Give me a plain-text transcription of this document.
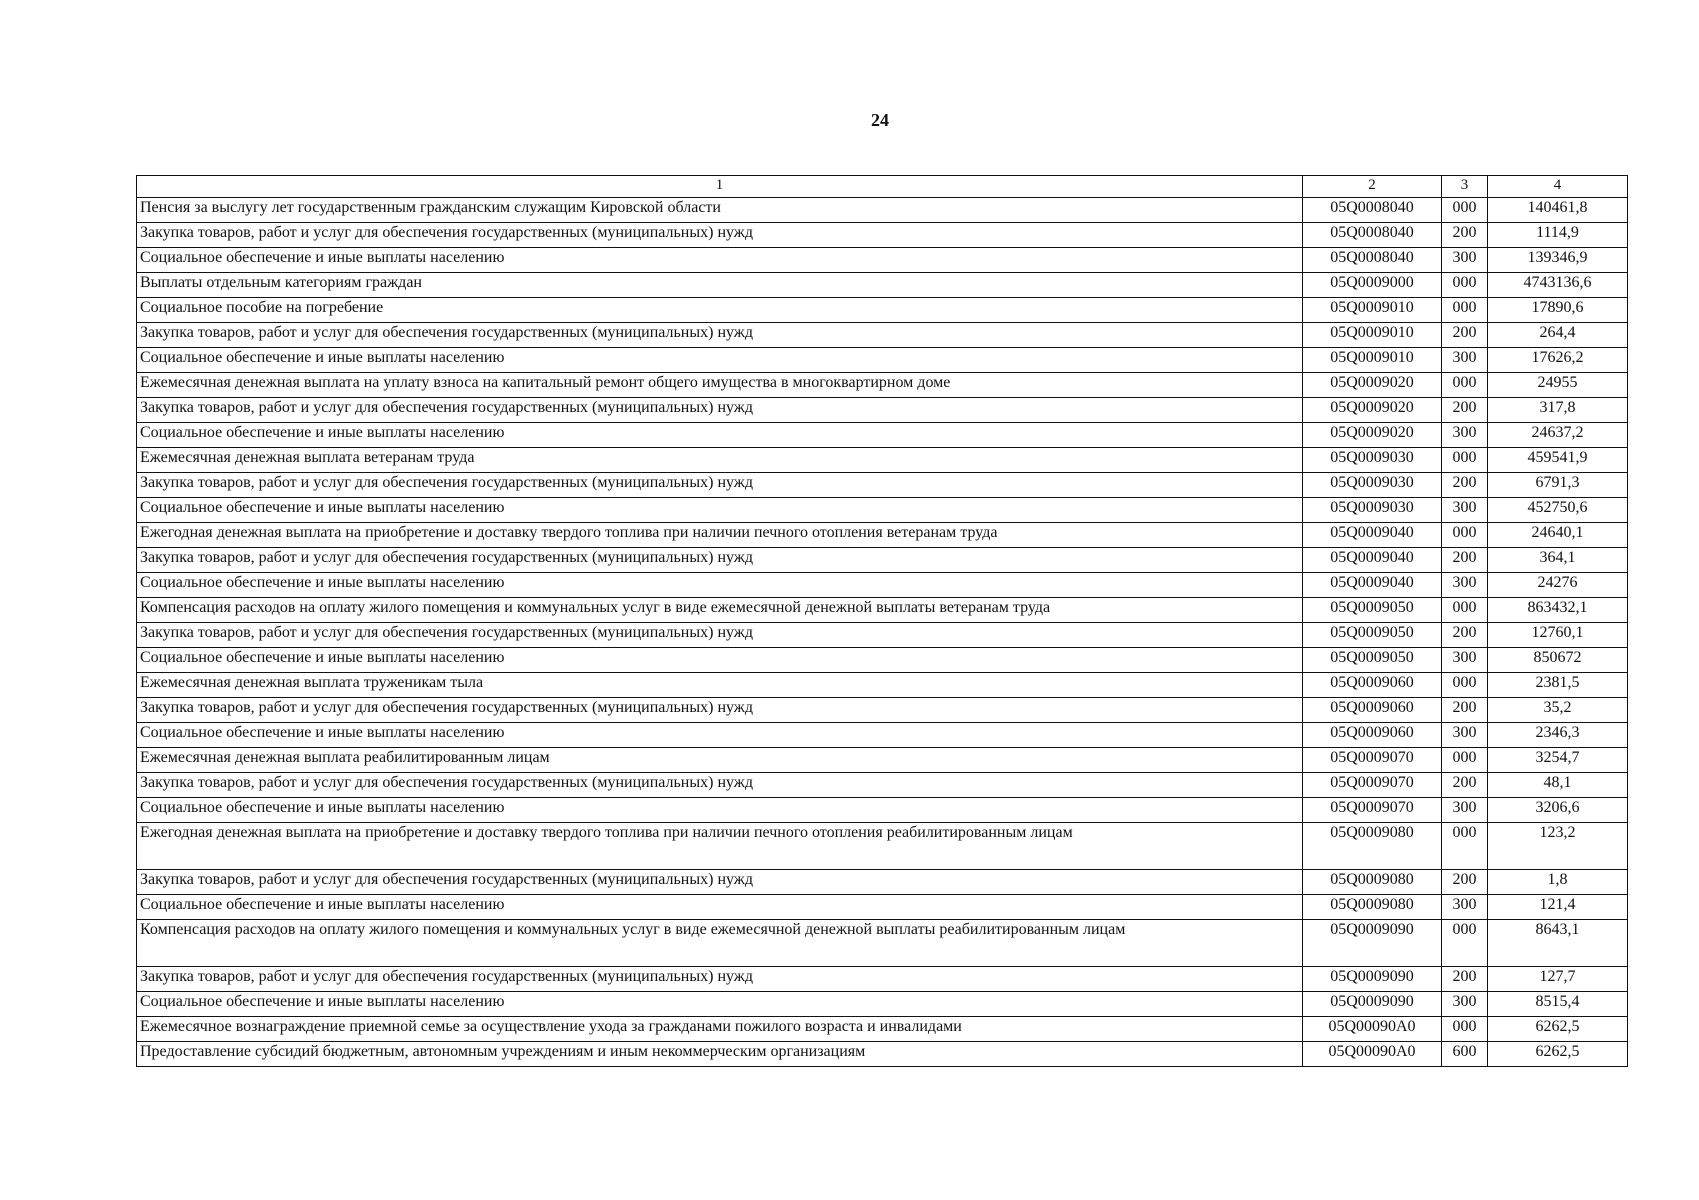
24
1	2	3	4
Пенсия за выслугу лет государственным гражданским служащим Кировской области	05Q0008040	000	140461,8
Закупка товаров, работ и услуг для обеспечения государственных (муниципальных) нужд	05Q0008040	200	1114,9
Социальное обеспечение и иные выплаты населению	05Q0008040	300	139346,9
Выплаты отдельным категориям граждан	05Q0009000	000	4743136,6
Социальное пособие на погребение	05Q0009010	000	17890,6
Закупка товаров, работ и услуг для обеспечения государственных (муниципальных) нужд	05Q0009010	200	264,4
Социальное обеспечение и иные выплаты населению	05Q0009010	300	17626,2
Ежемесячная денежная выплата на уплату взноса на капитальный ремонт общего имущества в многоквартирном доме	05Q0009020	000	24955
Закупка товаров, работ и услуг для обеспечения государственных (муниципальных) нужд	05Q0009020	200	317,8
Социальное обеспечение и иные выплаты населению	05Q0009020	300	24637,2
Ежемесячная денежная выплата ветеранам труда	05Q0009030	000	459541,9
Закупка товаров, работ и услуг для обеспечения государственных (муниципальных) нужд	05Q0009030	200	6791,3
Социальное обеспечение и иные выплаты населению	05Q0009030	300	452750,6
Ежегодная денежная выплата на приобретение и доставку твердого топлива при наличии печного отопления ветеранам труда	05Q0009040	000	24640,1
Закупка товаров, работ и услуг для обеспечения государственных (муниципальных) нужд	05Q0009040	200	364,1
Социальное обеспечение и иные выплаты населению	05Q0009040	300	24276
Компенсация расходов на оплату жилого помещения и коммунальных услуг в виде ежемесячной денежной выплаты ветеранам труда	05Q0009050	000	863432,1
Закупка товаров, работ и услуг для обеспечения государственных (муниципальных) нужд	05Q0009050	200	12760,1
Социальное обеспечение и иные выплаты населению	05Q0009050	300	850672
Ежемесячная денежная выплата труженикам тыла	05Q0009060	000	2381,5
Закупка товаров, работ и услуг для обеспечения государственных (муниципальных) нужд	05Q0009060	200	35,2
Социальное обеспечение и иные выплаты населению	05Q0009060	300	2346,3
Ежемесячная денежная выплата реабилитированным лицам	05Q0009070	000	3254,7
Закупка товаров, работ и услуг для обеспечения государственных (муниципальных) нужд	05Q0009070	200	48,1
Социальное обеспечение и иные выплаты населению	05Q0009070	300	3206,6
Ежегодная денежная выплата на приобретение и доставку твердого топлива при наличии печного отопления реабилитированным лицам	05Q0009080	000	123,2
Закупка товаров, работ и услуг для обеспечения государственных (муниципальных) нужд	05Q0009080	200	1,8
Социальное обеспечение и иные выплаты населению	05Q0009080	300	121,4
Компенсация расходов на оплату жилого помещения и коммунальных услуг в виде ежемесячной денежной выплаты реабилитированным лицам	05Q0009090	000	8643,1
Закупка товаров, работ и услуг для обеспечения государственных (муниципальных) нужд	05Q0009090	200	127,7
Социальное обеспечение и иные выплаты населению	05Q0009090	300	8515,4
Ежемесячное вознаграждение приемной семье за осуществление ухода за гражданами пожилого возраста и инвалидами	05Q00090A0	000	6262,5
Предоставление субсидий бюджетным, автономным учреждениям и иным некоммерческим организациям	05Q00090A0	600	6262,5
